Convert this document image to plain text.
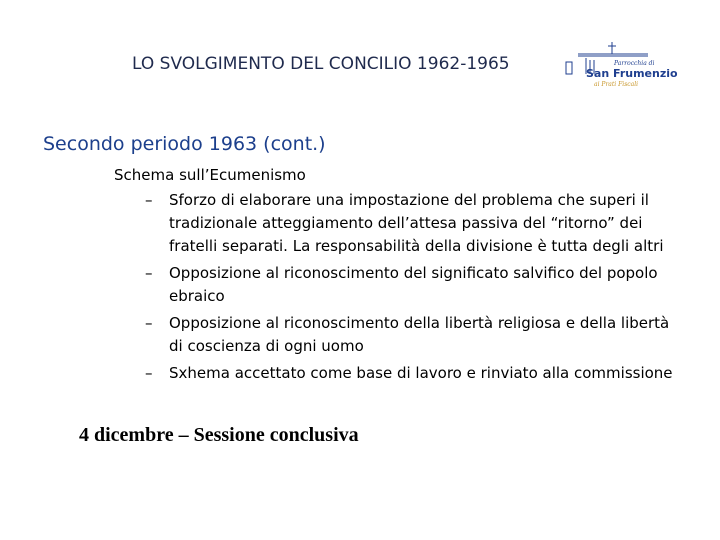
LO SVOLGIMENTO DEL CONCILIO 1962-1965	Parrocchia di
San Frumenzio
ai Prati Fiscali
Secondo periodo 1963 (cont.)
Schema sull’Ecumenismo
– Sforzo di elaborare una impostazione del problema che superi il tradizionale atteggiamento dell’attesa passiva del “ritorno” dei fratelli separati. La responsabilità della divisione è tutta degli altri
– Opposizione al riconoscimento del significato salvifico del popolo ebraico
– Opposizione al riconoscimento della libertà religiosa e della libertà di coscienza di ogni uomo
– Sxhema accettato come base di lavoro e rinviato alla commissione
4 dicembre – Sessione conclusiva
